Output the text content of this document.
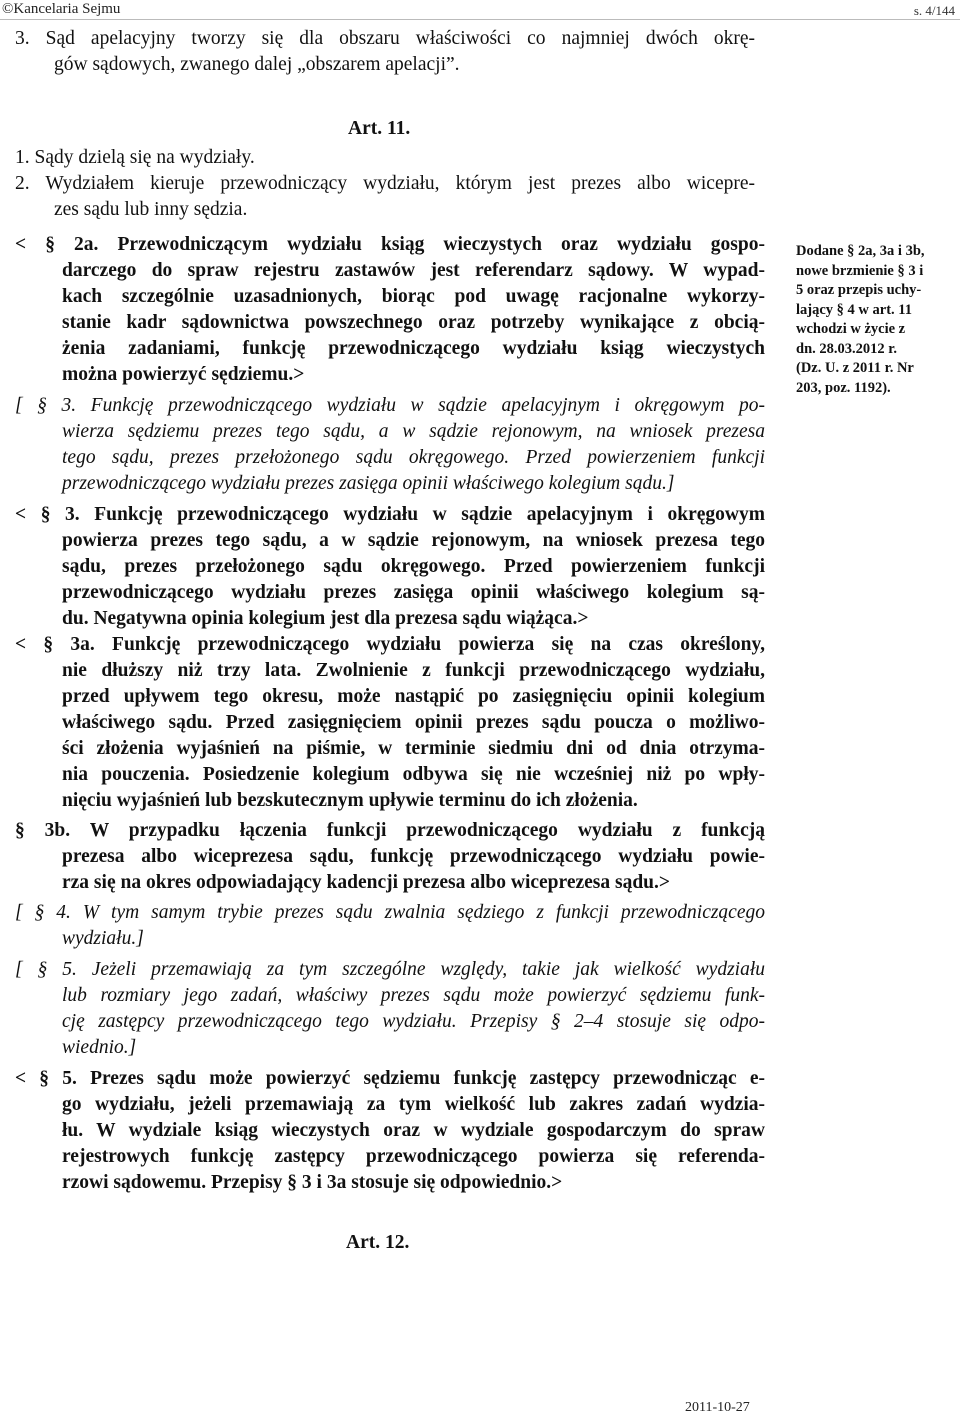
©Kancelaria Sejmu	s. 4/144
3. Sąd apelacyjny tworzy się dla obszaru właściwości co najmniej dwóch okrę-
gów sądowych, zwanego dalej „obszarem apelacji”.
1. Sądy dzielą się na wydziały.
2. Wydziałem kieruje przewodniczący wydziału, którym jest prezes albo wicepre-
zes sądu lub inny sędzia.
< § 2a. Przewodniczącym wydziału ksiąg wieczystych oraz wydziału gospo-
darczego do spraw rejestru zastawów jest referendarz sądowy. W wypad-
kach szczególnie uzasadnionych, biorąc pod uwagę racjonalne wykorzy-
stanie kadr sądownictwa powszechnego oraz potrzeby wynikające z obcią-
żenia zadaniami, funkcję przewodniczącego wydziału ksiąg wieczystych
można powierzyć sędziemu.>
[ § 3. Funkcję przewodniczącego wydziału w sądzie apelacyjnym i okręgowym po-
wierza sędziemu prezes tego sądu, a w sądzie rejonowym, na wniosek prezesa
tego sądu, prezes przełożonego sądu okręgowego. Przed powierzeniem funkcji
przewodniczącego wydziału prezes zasięga opinii właściwego kolegium sądu.]
< § 3. Funkcję przewodniczącego wydziału w sądzie apelacyjnym i okręgowym
powierza prezes tego sądu, a w sądzie rejonowym, na wniosek prezesa tego
sądu, prezes przełożonego sądu okręgowego. Przed powierzeniem funkcji
przewodniczącego wydziału prezes zasięga opinii właściwego kolegium są-
du. Negatywna opinia kolegium jest dla prezesa sądu wiążąca.>
< § 3a. Funkcję przewodniczącego wydziału powierza się na czas określony,
nie dłuższy niż trzy lata. Zwolnienie z funkcji przewodniczącego wydziału,
przed upływem tego okresu, może nastąpić po zasięgnięciu opinii kolegium
właściwego sądu. Przed zasięgnięciem opinii prezes sądu poucza o możliwo-
ści złożenia wyjaśnień na piśmie, w terminie siedmiu dni od dnia otrzyma-
nia pouczenia. Posiedzenie kolegium odbywa się nie wcześniej niż po wpły-
nięciu wyjaśnień lub bezskutecznym upływie terminu do ich złożenia.
§ 3b. W przypadku łączenia funkcji przewodniczącego wydziału z funkcją
prezesa albo wiceprezesa sądu, funkcję przewodniczącego wydziału powie-
rza się na okres odpowiadający kadencji prezesa albo wiceprezesa sądu.>
[ § 4. W tym samym trybie prezes sądu zwalnia sędziego z funkcji przewodniczącego
wydziału.]
[ § 5. Jeżeli przemawiają za tym szczególne względy, takie jak wielkość wydziału
lub rozmiary jego zadań, właściwy prezes sądu może powierzyć sędziemu funk-
cję zastępcy przewodniczącego tego wydziału. Przepisy § 2–4 stosuje się odpo-
wiednio.]
< § 5. Prezes sądu może powierzyć sędziemu funkcję zastępcy przewodnicząc e-
go wydziału, jeżeli przemawiają za tym wielkość lub zakres zadań wydzia-
łu. W wydziale ksiąg wieczystych oraz w wydziale gospodarczym do spraw
rejestrowych funkcję zastępcy przewodniczącego powierza się referenda-
rzowi sądowemu. Przepisy § 3 i 3a stosuje się odpowiednio.>
Art. 11.
Art. 12.
Dodane § 2a, 3a i 3b,
nowe brzmienie § 3 i
5 oraz przepis uchy-
lający § 4 w art. 11
wchodzi w życie z
dn. 28.03.2012 r.
(Dz. U. z 2011 r. Nr
203, poz. 1192).
2011-10-27
